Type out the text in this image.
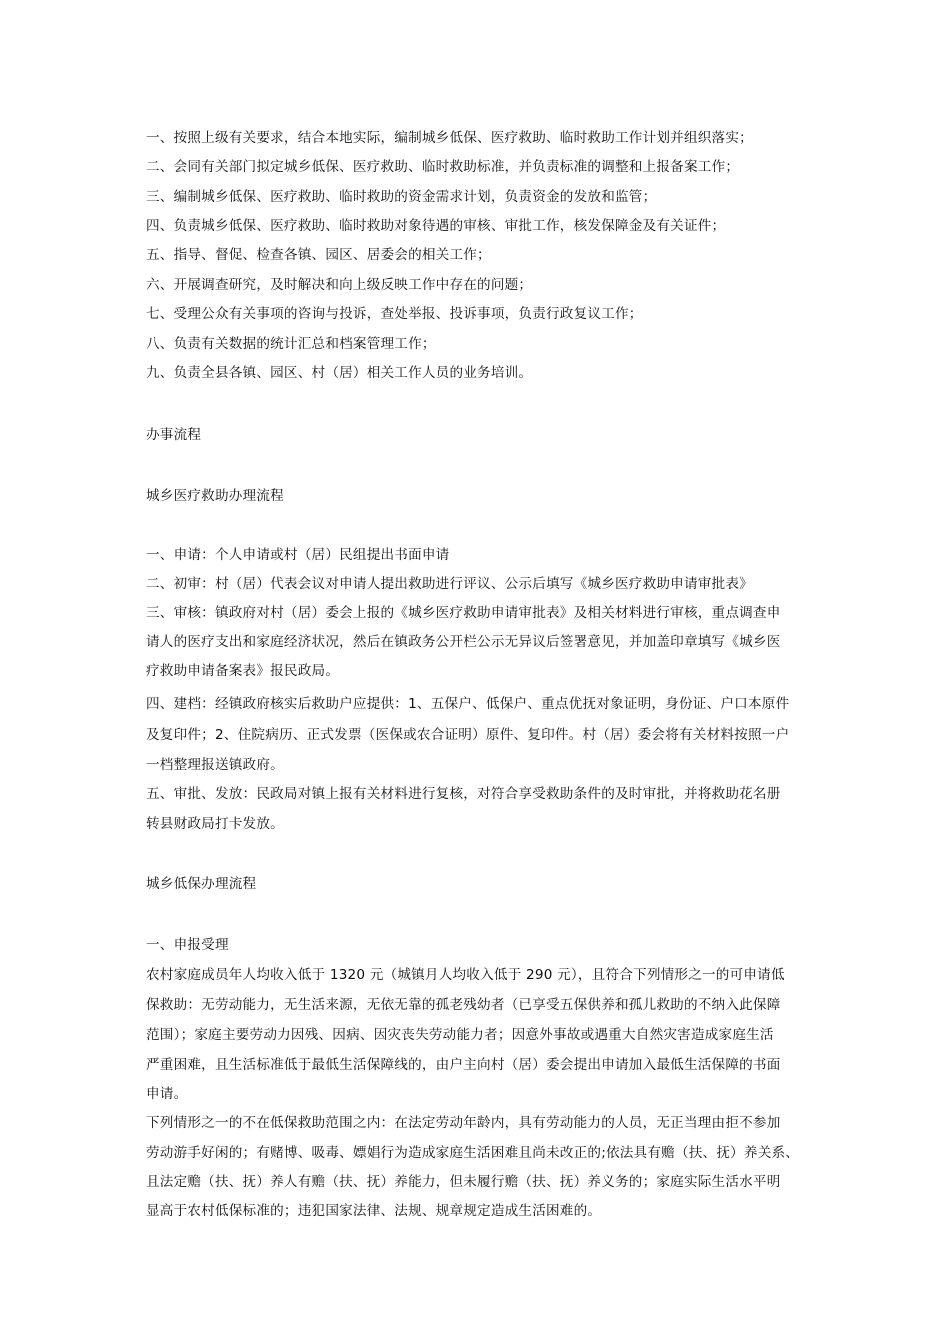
一、按照上级有关要求，结合本地实际，编制城乡低保、医疗救助、临时救助工作计划并组织落实；
二、会同有关部门拟定城乡低保、医疗救助、临时救助标准，并负责标准的调整和上报备案工作；
三、编制城乡低保、医疗救助、临时救助的资金需求计划，负责资金的发放和监管；
四、负责城乡低保、医疗救助、临时救助对象待遇的审核、审批工作，核发保障金及有关证件；
五、指导、督促、检查各镇、园区、居委会的相关工作；
六、开展调查研究，及时解决和向上级反映工作中存在的问题；
七、受理公众有关事项的咨询与投诉，查处举报、投诉事项，负责行政复议工作；
八、负责有关数据的统计汇总和档案管理工作；
九、负责全县各镇、园区、村（居）相关工作人员的业务培训。
办事流程
城乡医疗救助办理流程
一、申请：个人申请或村（居）民组提出书面申请
二、初审：村（居）代表会议对申请人提出救助进行评议、公示后填写《城乡医疗救助申请审批表》
三、审核：镇政府对村（居）委会上报的《城乡医疗救助申请审批表》及相关材料进行审核，重点调查申
请人的医疗支出和家庭经济状况，然后在镇政务公开栏公示无异议后签署意见，并加盖印章填写《城乡医
疗救助申请备案表》报民政局。
四、建档：经镇政府核实后救助户应提供：1、五保户、低保户、重点优抚对象证明，身份证、户口本原件
及复印件；2、住院病历、正式发票（医保或农合证明）原件、复印件。村（居）委会将有关材料按照一户
一档整理报送镇政府。
五、审批、发放：民政局对镇上报有关材料进行复核，对符合享受救助条件的及时审批，并将救助花名册
转县财政局打卡发放。
城乡低保办理流程
一、申报受理
农村家庭成员年人均收入低于 1320 元（城镇月人均收入低于 290 元），且符合下列情形之一的可申请低
保救助：无劳动能力，无生活来源，无依无靠的孤老残幼者（已享受五保供养和孤儿救助的不纳入此保障
范围）；家庭主要劳动力因残、因病、因灾丧失劳动能力者；因意外事故或遇重大自然灾害造成家庭生活
严重困难，且生活标准低于最低生活保障线的，由户主向村（居）委会提出申请加入最低生活保障的书面
申请。
下列情形之一的不在低保救助范围之内：在法定劳动年龄内，具有劳动能力的人员，无正当理由拒不参加
劳动游手好闲的；有赌博、吸毒、嫖娼行为造成家庭生活困难且尚未改正的;依法具有赡（扶、抚）养关系、
且法定赡（扶、抚）养人有赡（扶、抚）养能力，但未履行赡（扶、抚）养义务的；家庭实际生活水平明
显高于农村低保标准的；违犯国家法律、法规、规章规定造成生活困难的。
